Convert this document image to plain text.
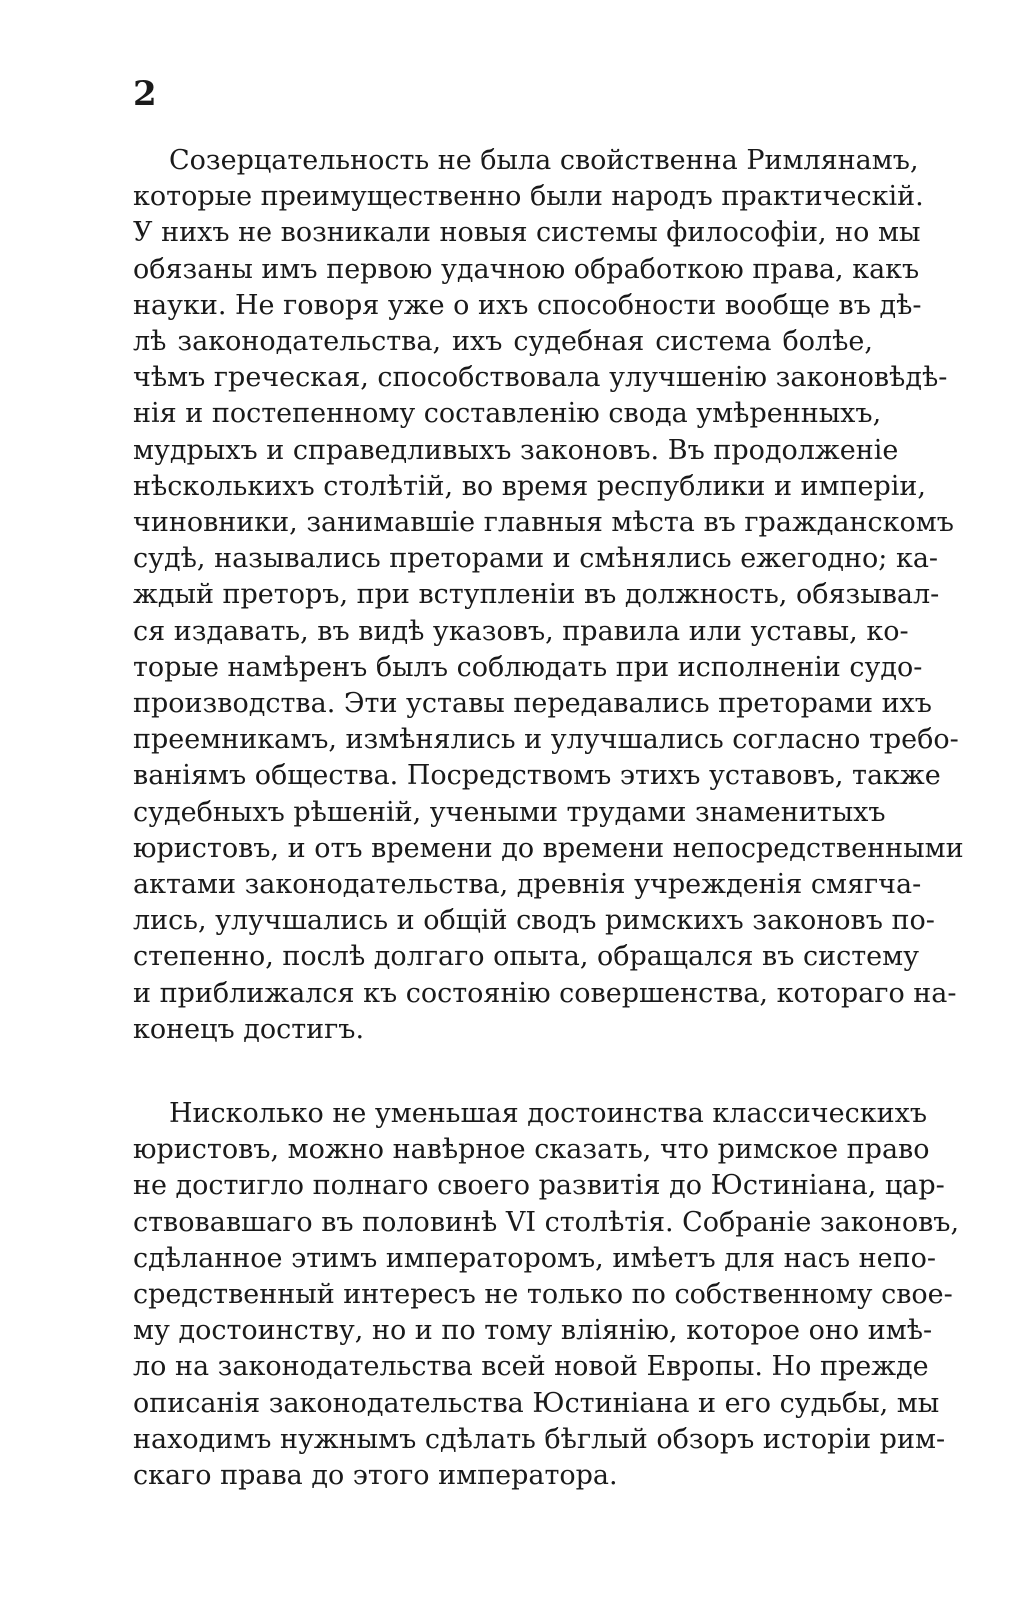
2
Созерцательность не была свойственна Римлянамъ,
которые преимущественно были народъ практическiй.
У нихъ не возникали новыя системы философiи, но мы
обязаны имъ первою удачною обработкою права, какъ
науки. Не говоря уже о ихъ способности вообще въ дѣ-
лѣ законодательства, ихъ судебная система болѣе,
чѣмъ греческая, способствовала улучшенiю законовѣдѣ-
нiя и постепенному составленiю свода умѣренныхъ,
мудрыхъ и справедливыхъ законовъ. Въ продолженiе
нѣсколькихъ столѣтiй, во время республики и имперiи,
чиновники, занимавшiе главныя мѣста въ гражданскомъ
судѣ, назывались преторами и смѣнялись ежегодно; ка-
ждый преторъ, при вступленiи въ должность, обязывал-
ся издавать, въ видѣ указовъ, правила или уставы, ко-
торые намѣренъ былъ соблюдать при исполненiи судо-
производства. Эти уставы передавались преторами ихъ
преемникамъ, измѣнялись и улучшались согласно требо-
ванiямъ общества. Посредствомъ этихъ уставовъ, также
судебныхъ рѣшенiй, учеными трудами знаменитыхъ
юристовъ, и отъ времени до времени непосредственными
актами законодательства, древнiя учрежденiя смягча-
лись, улучшались и общiй сводъ римскихъ законовъ по-
степенно, послѣ долгаго опыта, обращался въ систему
и приближался къ состоянiю совершенства, котораго на-
конецъ достигъ.
Нисколько не уменьшая достоинства классическихъ
юристовъ, можно навѣрное сказать, что римское право
не достигло полнаго своего развитiя до Юстинiана, цар-
ствовавшаго въ половинѣ VI столѣтiя. Собранiе законовъ,
сдѣланное этимъ императоромъ, имѣетъ для насъ непо-
средственный интересъ не только по собственному свое-
му достоинству, но и по тому влiянiю, которое оно имѣ-
ло на законодательства всей новой Европы. Но прежде
описанiя законодательства Юстинiана и его судьбы, мы
находимъ нужнымъ сдѣлать бѣглый обзоръ исторiи рим-
скаго права до этого императора.
